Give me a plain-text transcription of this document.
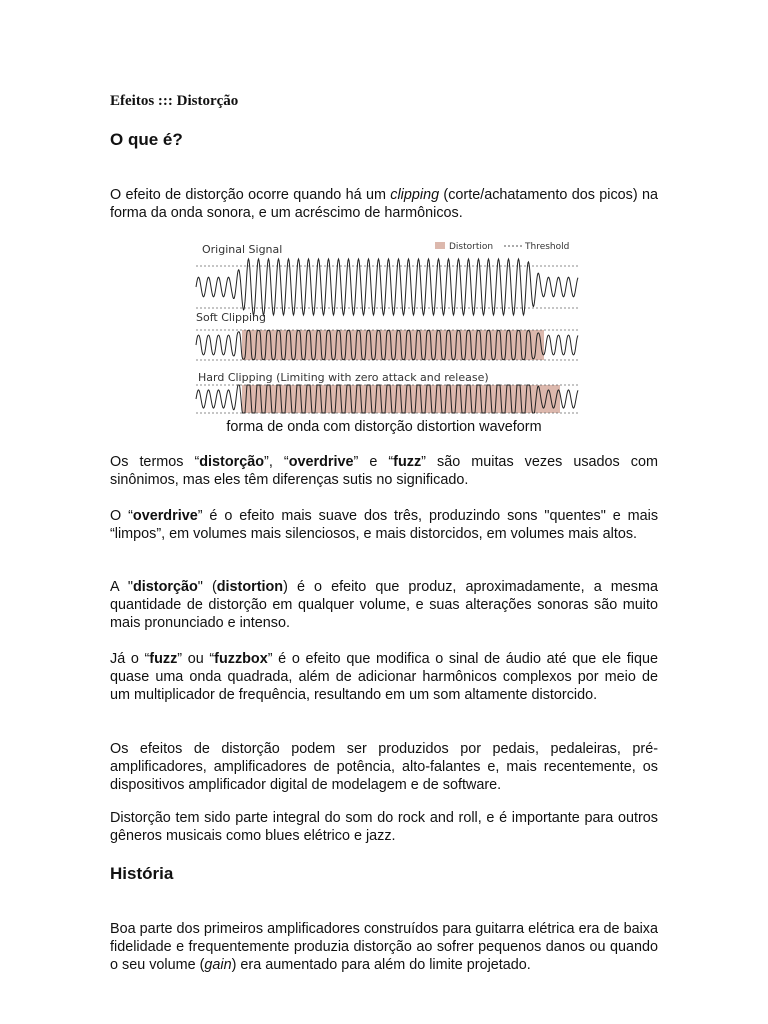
Efeitos ::: Distorção
O que é?

O efeito de distorção ocorre quando há um clipping (corte/achatamento dos picos) na forma da onda sonora, e um acréscimo de harmônicos.

Distortion	Threshold
Original Signal
Soft Clipping
Hard Clipping (Limiting with zero attack and release)

forma de onda com distorção distortion waveform

Os termos “distorção”, “overdrive” e “fuzz” são muitas vezes usados com sinônimos, mas eles têm diferenças sutis no significado.

O “overdrive” é o efeito mais suave dos três, produzindo sons "quentes" e mais “limpos”, em volumes mais silenciosos, e mais distorcidos, em volumes mais altos.

A "distorção" (distortion) é o efeito que produz, aproximadamente, a mesma quantidade de distorção em qualquer volume, e suas alterações sonoras são muito mais pronunciado e intenso.

Já o “fuzz” ou “fuzzbox” é o efeito que modifica o sinal de áudio até que ele fique quase uma onda quadrada, além de adicionar harmônicos complexos por meio de um multiplicador de frequência, resultando em um som altamente distorcido.

Os efeitos de distorção podem ser produzidos por pedais, pedaleiras, pré-amplificadores, amplificadores de potência, alto-falantes e, mais recentemente, os dispositivos amplificador digital de modelagem e de software.

Distorção tem sido parte integral do som do rock and roll, e é importante para outros gêneros musicais como blues elétrico e jazz.

História

Boa parte dos primeiros amplificadores construídos para guitarra elétrica era de baixa fidelidade e frequentemente produzia distorção ao sofrer pequenos danos ou quando o seu volume (gain) era aumentado para além do limite projetado.
